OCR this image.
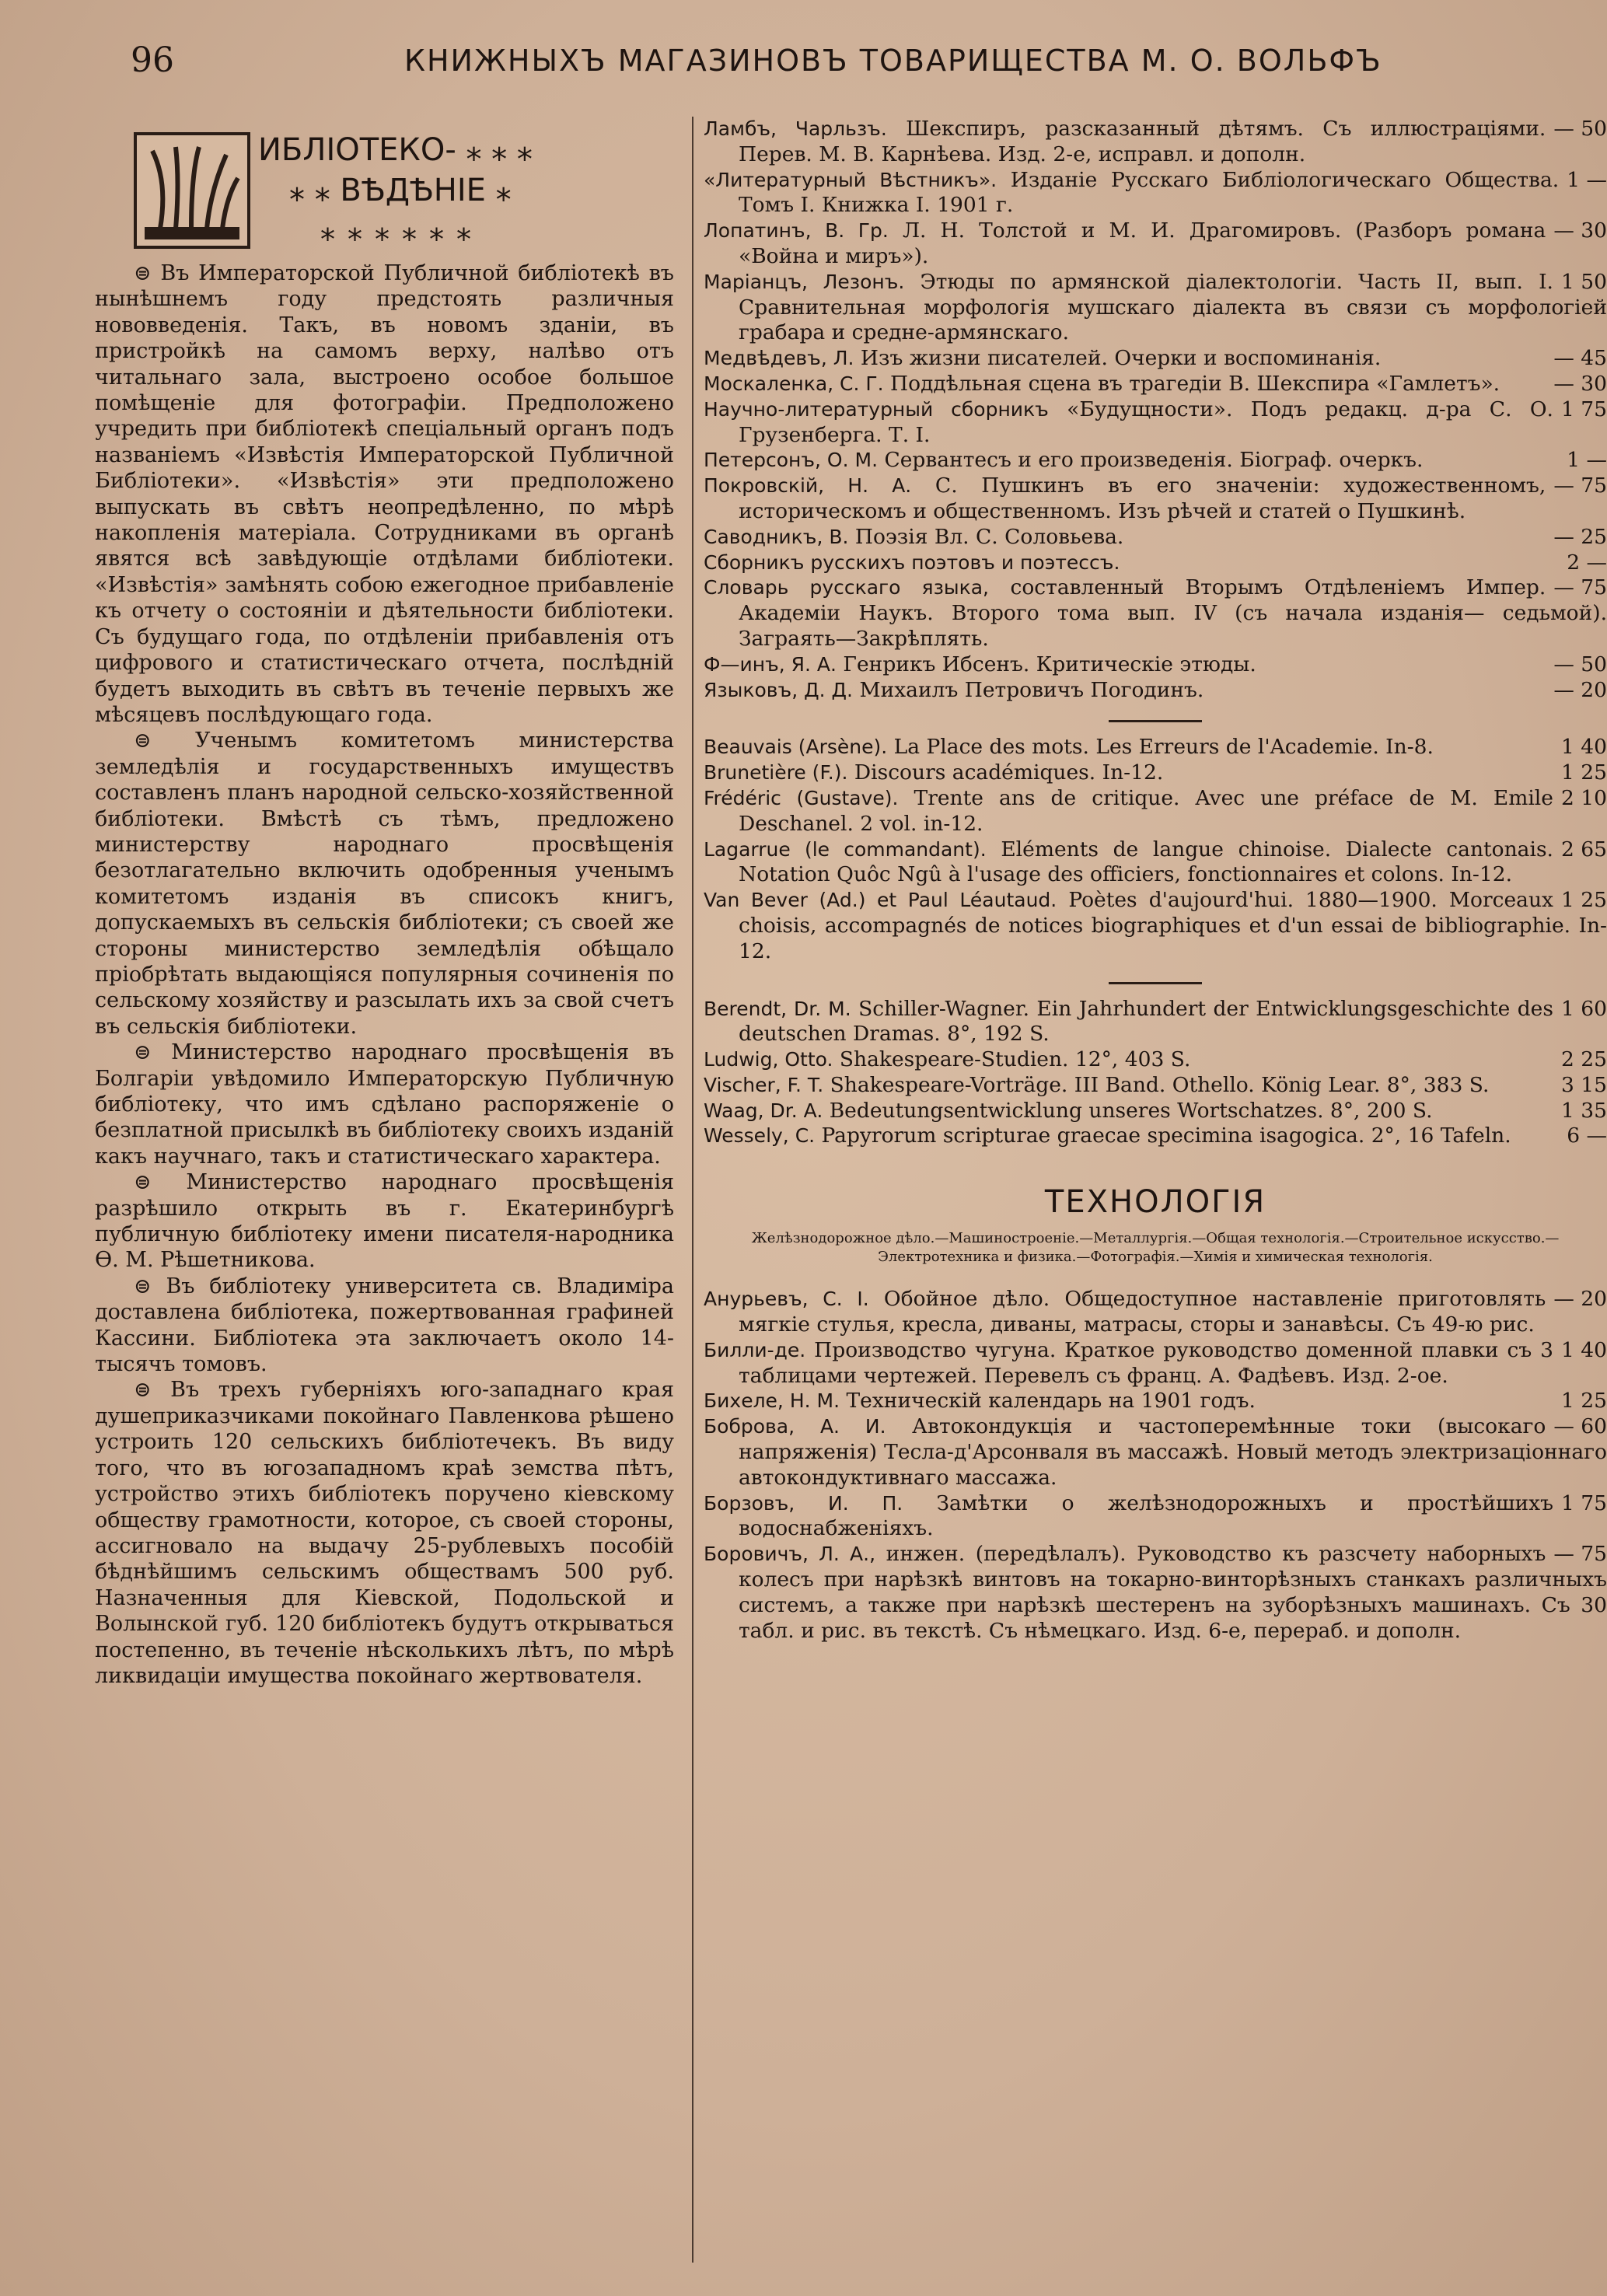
96	КНИЖНЫХЪ МАГАЗИНОВЪ ТОВАРИЩЕСТВА М. О. ВОЛЬФЪ
ИБЛІОТЕКО- ⁎ ⁎ ⁎
⁎ ⁎ ВѢДѢНІЕ ⁎
⁎⁎⁎⁎⁎⁎

⊜ Въ Императорской Публичной библіотекѣ въ нынѣшнемъ году предстоять различныя нововведенія. Такъ, въ новомъ зданіи, въ пристройкѣ на самомъ верху, налѣво отъ читальнаго зала, выстроено особое большое помѣщеніе для фотографіи. Предположено учредить при библіотекѣ спеціальный органъ подъ названіемъ «Извѣстія Императорской Публичной Библіотеки». «Извѣстія» эти предположено выпускать въ свѣтъ неопредѣленно, по мѣрѣ накопленія матеріала. Сотрудниками въ органѣ явятся всѣ завѣдующіе отдѣлами библіотеки. «Извѣстія» замѣнять собою ежегодное прибавленіе къ отчету о состояніи и дѣятельности библіотеки. Съ будущаго года, по отдѣленіи прибавленія отъ цифрового и статистическаго отчета, послѣдній будетъ выходить въ свѣтъ въ теченіе первыхъ же мѣсяцевъ послѣдующаго года.

⊜ Ученымъ комитетомъ министерства земледѣлія и государственныхъ имуществъ составленъ планъ народной сельско-хозяйственной библіотеки. Вмѣстѣ съ тѣмъ, предложено министерству народнаго просвѣщенія безотлагательно включить одобренныя ученымъ комитетомъ изданія въ списокъ книгъ, допускаемыхъ въ сельскія библіотеки; съ своей же стороны министерство земледѣлія обѣщало пріобрѣтать выдающіяся популярныя сочиненія по сельскому хозяйству и разсылать ихъ за свой счетъ въ сельскія библіотеки.

⊜ Министерство народнаго просвѣщенія въ Болгаріи увѣдомило Императорскую Публичную библіотеку, что имъ сдѣлано распоряженіе о безплатной присылкѣ въ библіотеку своихъ изданій какъ научнаго, такъ и статистическаго характера.

⊜ Министерство народнаго просвѣщенія разрѣшило открыть въ г. Екатеринбургѣ публичную библіотеку имени писателя-народника Ѳ. М. Рѣшетникова.

⊜ Въ библіотеку университета св. Владиміра доставлена библіотека, пожертвованная графиней Кассини. Библіотека эта заключаетъ около 14-тысячъ томовъ.

⊜ Въ трехъ губерніяхъ юго-западнаго края душеприказчиками покойнаго Павленкова рѣшено устроить 120 сельскихъ библіотечекъ. Въ виду того, что въ югозападномъ краѣ земства пѣтъ, устройство этихъ библіотекъ поручено кіевскому обществу грамотности, которое, съ своей стороны, ассигновало на выдачу 25-рублевыхъ пособій бѣднѣйшимъ сельскимъ обществамъ 500 руб. Назначенныя для Кіевской, Подольской и Волынской губ. 120 библіотекъ будутъ открываться постепенно, въ теченіе нѣсколькихъ лѣтъ, по мѣрѣ ликвидаціи имущества покойнаго жертвователя.

— 50
Ламбъ, Чарльзъ. Шекспиръ, разсказанный дѣтямъ. Съ иллюстраціями. Перев. М. В. Карнѣева. Изд. 2-е, исправл. и дополн.
1 —
«Литературный Вѣстникъ». Изданіе Русскаго Библіологическаго Общества. Томъ I. Книжка I. 1901 г.
— 30
Лопатинъ, В. Гр. Л. Н. Толстой и М. И. Драгомировъ. (Разборъ романа «Война и миръ»).
1 50
Маріанцъ, Лезонъ. Этюды по армянской діалектологіи. Часть II, вып. I. Сравнительная морфологія мушскаго діалекта въ связи съ морфологіей грабара и средне-армянскаго.
— 45
Медвѣдевъ, Л. Изъ жизни писателей. Очерки и воспоминанія.
— 30
Москаленка, С. Г. Поддѣльная сцена въ трагедіи В. Шекспира «Гамлетъ».
1 75
Научно-литературный сборникъ «Будущности». Подъ редакц. д-ра С. О. Грузенберга. Т. I.
1 —
Петерсонъ, О. М. Сервантесъ и его произведенія. Біограф. очеркъ.
— 75
Покровскій, Н. А. С. Пушкинъ въ его значеніи: художественномъ, историческомъ и общественномъ. Изъ рѣчей и статей о Пушкинѣ.
— 25
Саводникъ, В. Поэзія Вл. С. Соловьева.
2 —
Сборникъ русскихъ поэтовъ и поэтессъ.
— 75
Словарь русскаго языка, составленный Вторымъ Отдѣленіемъ Импер. Академіи Наукъ. Второго тома вып. IV (съ начала изданія— седьмой). Заграять—Закрѣплять.
— 50
Ф—инъ, Я. А. Генрикъ Ибсенъ. Критическіе этюды.
— 20
Языковъ, Д. Д. Михаилъ Петровичъ Погодинъ.
1 40
Beauvais (Arsène). La Place des mots. Les Erreurs de l'Academie. In-8.
1 25
Brunetière (F.). Discours académiques. In-12.
2 10
Frédéric (Gustave). Trente ans de critique. Avec une préface de M. Emile Deschanel. 2 vol. in-12.
2 65
Lagarrue (le commandant). Eléments de langue chinoise. Dialecte cantonais. Notation Quôc Ngû à l'usage des officiers, fonctionnaires et colons. In-12.
1 25
Van Bever (Ad.) et Paul Léautaud. Poètes d'aujourd'hui. 1880—1900. Morceaux choisis, accompagnés de notices biographiques et d'un essai de bibliographie. In-12.
1 60
Berendt, Dr. M. Schiller-Wagner. Ein Jahrhundert der Entwicklungsgeschichte des deutschen Dramas. 8°, 192 S.
2 25
Ludwig, Otto. Shakespeare-Studien. 12°, 403 S.
3 15
Vischer, F. T. Shakespeare-Vorträge. III Band. Othello. König Lear. 8°, 383 S.
1 35
Waag, Dr. A. Bedeutungsentwicklung unseres Wortschatzes. 8°, 200 S.
6 —
Wessely, C. Papyrorum scripturae graecae specimina isagogica. 2°, 16 Tafeln.
ТЕХНОЛОГІЯ
Желѣзнодорожное дѣло.—Машиностроеніе.—Металлургія.—Общая технологія.—Строительное искусство.—Электротехника и физика.—Фотографія.—Химія и химическая технологія.
— 20
Анурьевъ, С. І. Обойное дѣло. Общедоступное наставленіе приготовлять мягкіе стулья, кресла, диваны, матрасы, сторы и занавѣсы. Съ 49-ю рис.
1 40
Билли-де. Производство чугуна. Краткое руководство доменной плавки съ 3 таблицами чертежей. Перевелъ съ франц. А. Фадѣевъ. Изд. 2-ое.
1 25
Бихеле, Н. М. Техническій календарь на 1901 годъ.
— 60
Боброва, А. И. Автокондукція и частоперемѣнные токи (высокаго напряженія) Тесла-д'Арсонваля въ массажѣ. Новый методъ электризаціоннаго автокондуктивнаго массажа.
1 75
Борзовъ, И. П. Замѣтки о желѣзнодорожныхъ и простѣйшихъ водоснабженіяхъ.
— 75
Боровичъ, Л. А., инжен. (передѣлалъ). Руководство къ разсчету наборныхъ колесъ при нарѣзкѣ винтовъ на токарно-винторѣзныхъ станкахъ различныхъ системъ, а также при нарѣзкѣ шестеренъ на зуборѣзныхъ машинахъ. Съ 30 табл. и рис. въ текстѣ. Съ нѣмецкаго. Изд. 6-е, перераб. и дополн.
